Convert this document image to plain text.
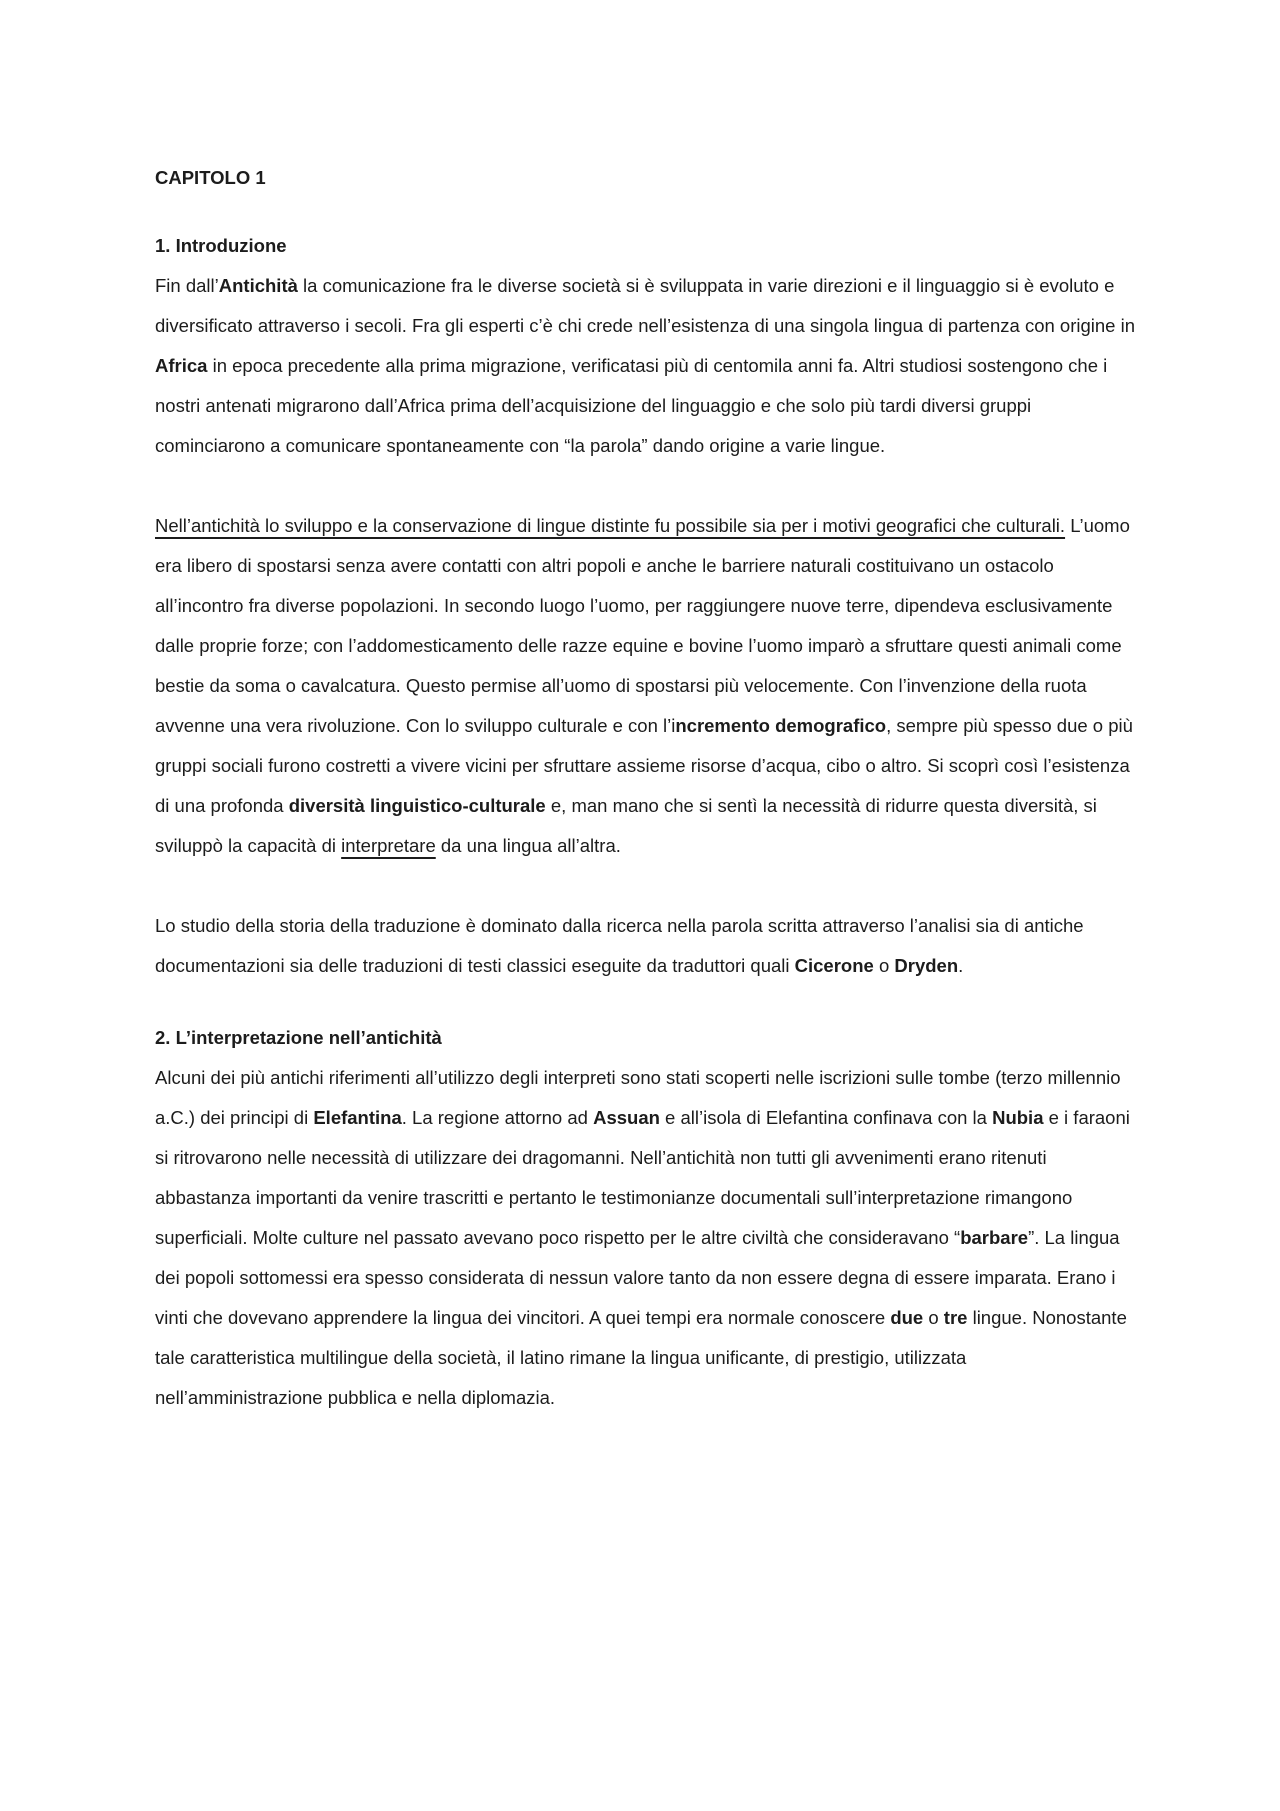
CAPITOLO 1
1. Introduzione

Fin dall’Antichità la comunicazione fra le diverse società si è sviluppata in varie direzioni e il linguaggio si è evoluto e diversificato attraverso i secoli. Fra gli esperti c’è chi crede nell’esistenza di una singola lingua di partenza con origine in Africa in epoca precedente alla prima migrazione, verificatasi più di centomila anni fa. Altri studiosi sostengono che i nostri antenati migrarono dall’Africa prima dell’acquisizione del linguaggio e che solo più tardi diversi gruppi cominciarono a comunicare spontaneamente con “la parola” dando origine a varie lingue.

Nell’antichità lo sviluppo e la conservazione di lingue distinte fu possibile sia per i motivi geografici che culturali. L’uomo era libero di spostarsi senza avere contatti con altri popoli e anche le barriere naturali costituivano un ostacolo all’incontro fra diverse popolazioni. In secondo luogo l’uomo, per raggiungere nuove terre, dipendeva esclusivamente dalle proprie forze; con l’addomesticamento delle razze equine e bovine l’uomo imparò a sfruttare questi animali come bestie da soma o cavalcatura. Questo permise all’uomo di spostarsi più velocemente. Con l’invenzione della ruota avvenne una vera rivoluzione. Con lo sviluppo culturale e con l’incremento demografico, sempre più spesso due o più gruppi sociali furono costretti a vivere vicini per sfruttare assieme risorse d’acqua, cibo o altro. Si scoprì così l’esistenza di una profonda diversità linguistico-culturale e, man mano che si sentì la necessità di ridurre questa diversità, si sviluppò la capacità di interpretare da una lingua all’altra.

Lo studio della storia della traduzione è dominato dalla ricerca nella parola scritta attraverso l’analisi sia di antiche documentazioni sia delle traduzioni di testi classici eseguite da traduttori quali Cicerone o Dryden.

2. L’interpretazione nell’antichità

Alcuni dei più antichi riferimenti all’utilizzo degli interpreti sono stati scoperti nelle iscrizioni sulle tombe (terzo millennio a.C.) dei principi di Elefantina. La regione attorno ad Assuan e all’isola di Elefantina confinava con la Nubia e i faraoni si ritrovarono nelle necessità di utilizzare dei dragomanni. Nell’antichità non tutti gli avvenimenti erano ritenuti abbastanza importanti da venire trascritti e pertanto le testimonianze documentali sull’interpretazione rimangono superficiali. Molte culture nel passato avevano poco rispetto per le altre civiltà che consideravano “barbare”. La lingua dei popoli sottomessi era spesso considerata di nessun valore tanto da non essere degna di essere imparata. Erano i vinti che dovevano apprendere la lingua dei vincitori. A quei tempi era normale conoscere due o tre lingue. Nonostante tale caratteristica multilingue della società, il latino rimane la lingua unificante, di prestigio, utilizzata nell’amministrazione pubblica e nella diplomazia.
